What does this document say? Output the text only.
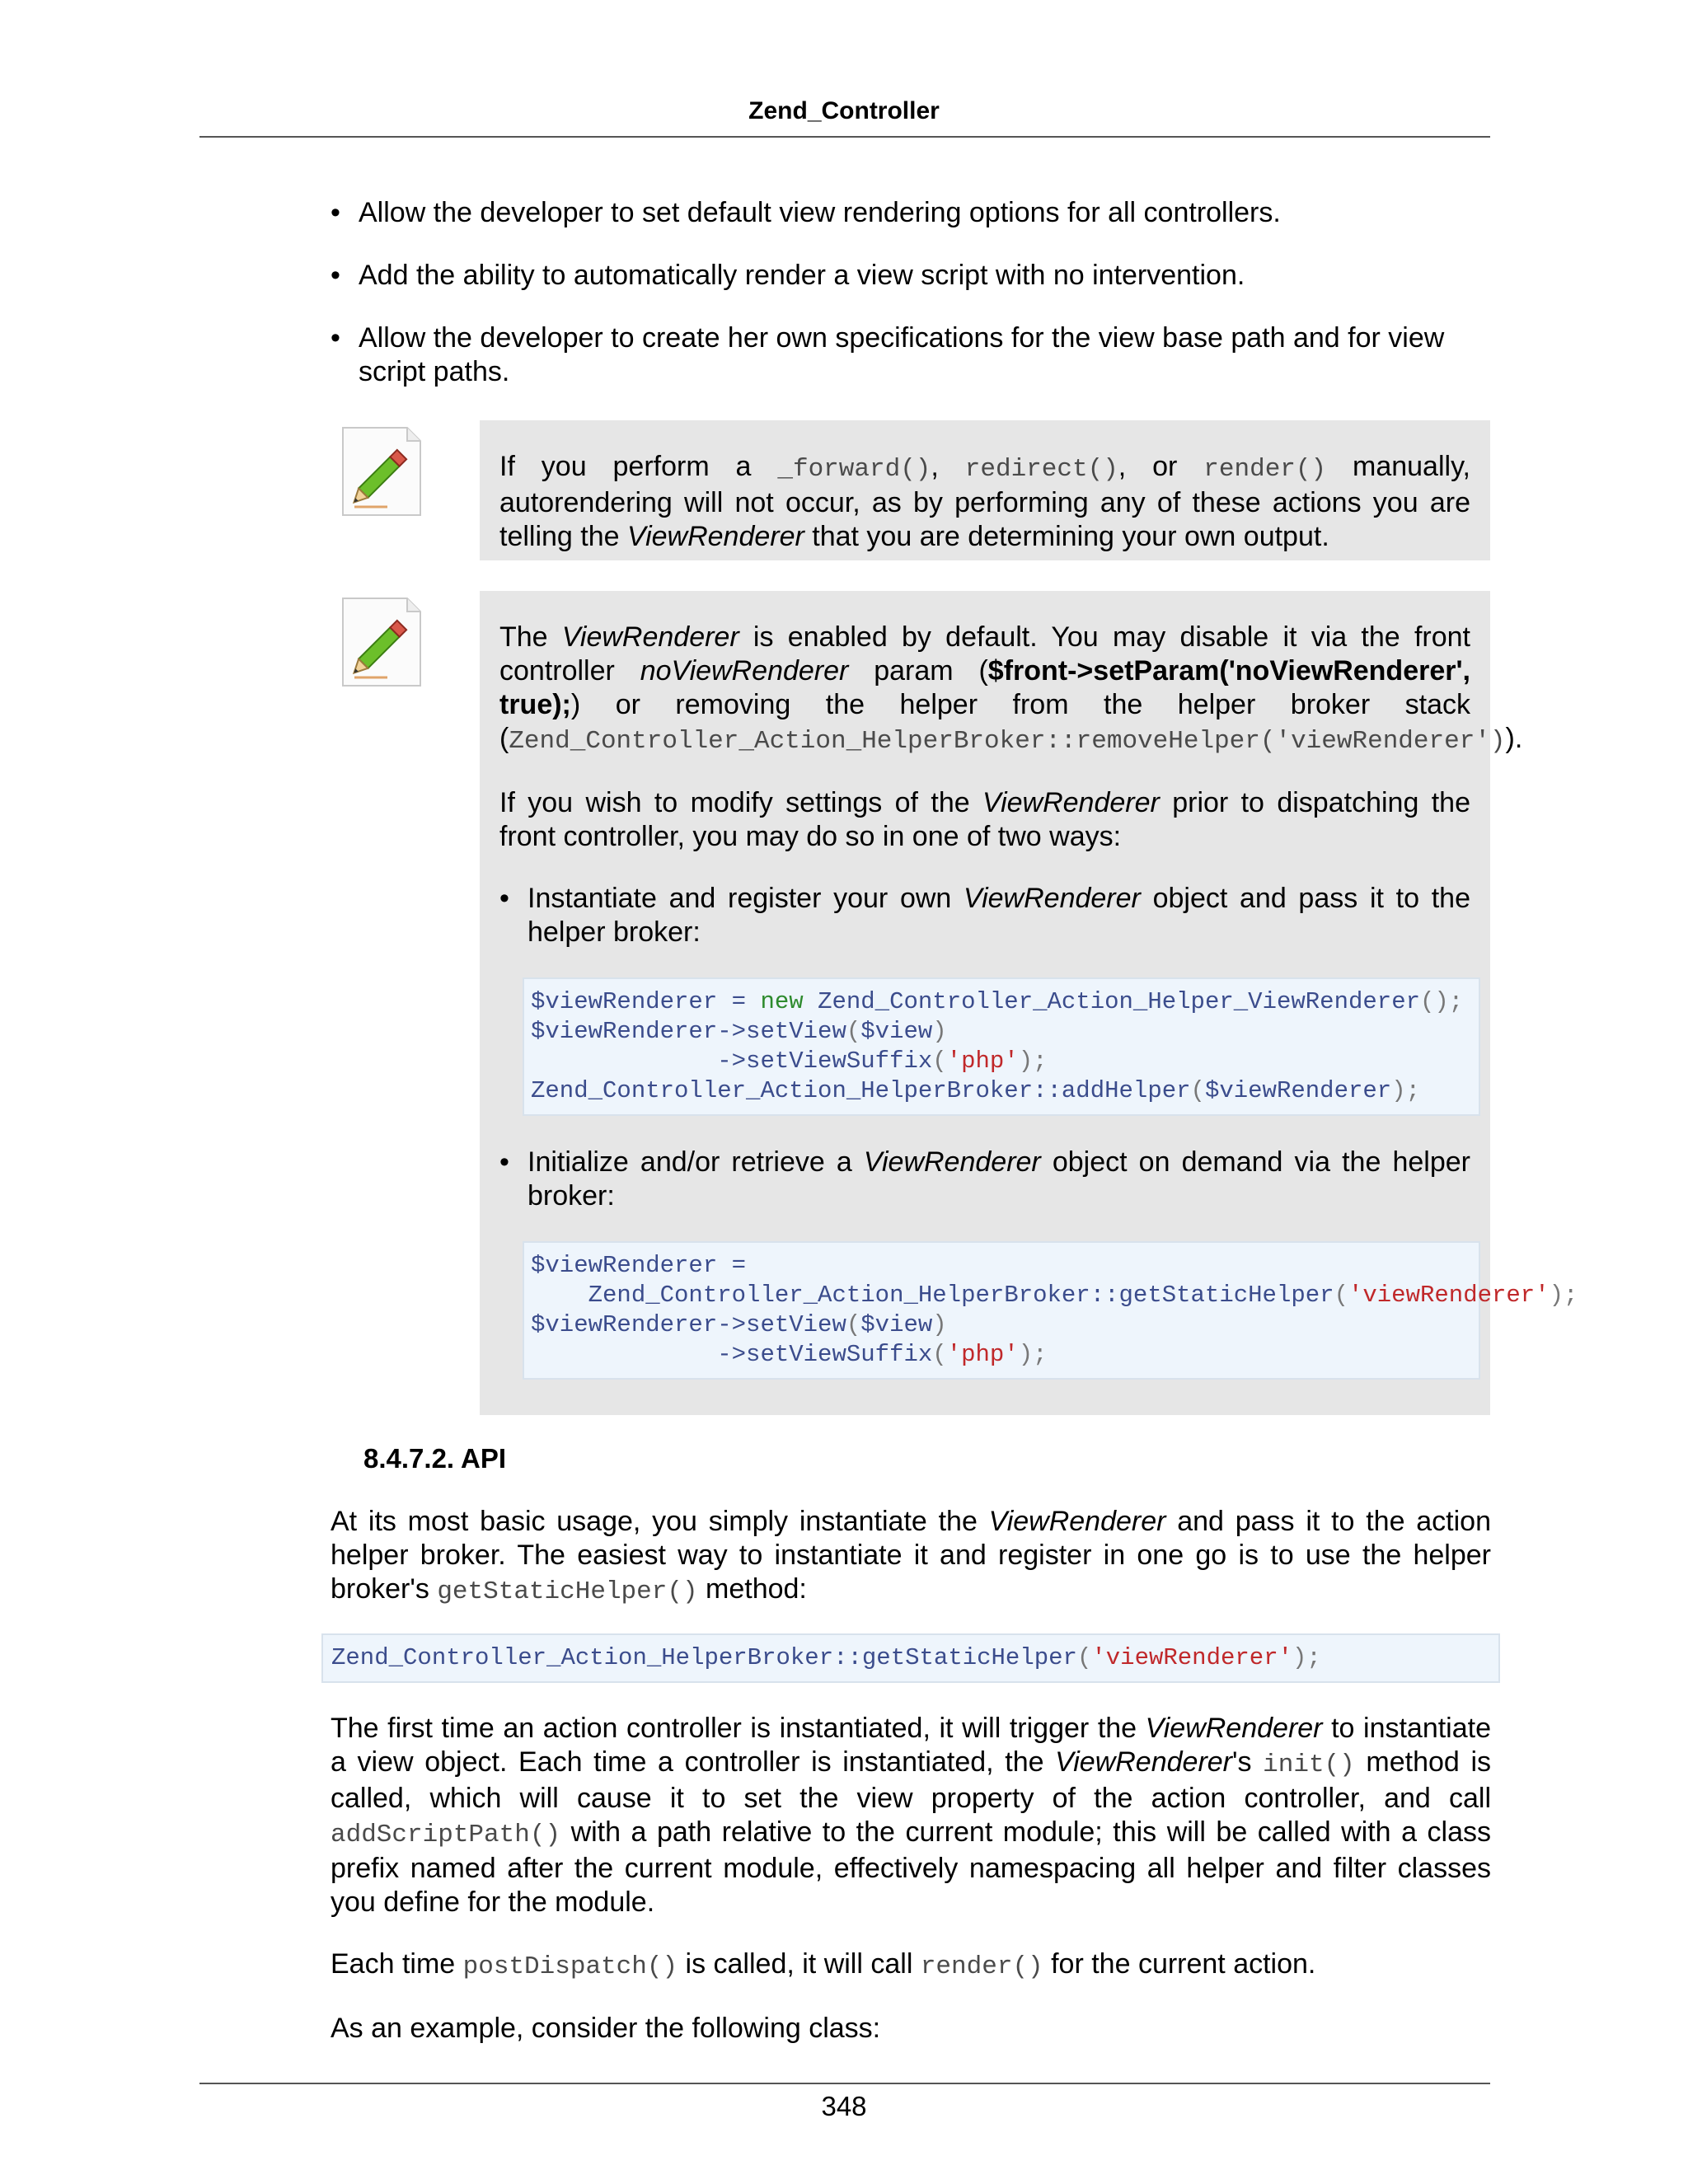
Zend_Controller
• Allow the developer to set default view rendering options for all controllers.
• Add the ability to automatically render a view script with no intervention.
• Allow the developer to create her own specifications for the view base path and for view script paths.

If you perform a _forward(), redirect(), or render() manually, autorendering will not occur, as by performing any of these actions you are telling the ViewRenderer that you are determining your own output.

The ViewRenderer is enabled by default. You may disable it via the front controller noViewRenderer param ($front->setParam('noViewRenderer', true);) or removing the helper from the helper broker stack (Zend_Controller_Action_HelperBroker::removeHelper('viewRenderer')).

If you wish to modify settings of the ViewRenderer prior to dispatching the front controller, you may do so in one of two ways:

• Instantiate and register your own ViewRenderer object and pass it to the helper broker:
$viewRenderer = new Zend_Controller_Action_Helper_ViewRenderer();
$viewRenderer->setView($view)
->setViewSuffix('php');
Zend_Controller_Action_HelperBroker::addHelper($viewRenderer);
• Initialize and/or retrieve a ViewRenderer object on demand via the helper broker:
$viewRenderer =
Zend_Controller_Action_HelperBroker::getStaticHelper('viewRenderer');
$viewRenderer->setView($view)
->setViewSuffix('php');
8.4.7.2. API

At its most basic usage, you simply instantiate the ViewRenderer and pass it to the action helper broker. The easiest way to instantiate it and register in one go is to use the helper broker's getStaticHelper() method:

Zend_Controller_Action_HelperBroker::getStaticHelper('viewRenderer');

The first time an action controller is instantiated, it will trigger the ViewRenderer to instantiate a view object. Each time a controller is instantiated, the ViewRenderer's init() method is called, which will cause it to set the view property of the action controller, and call addScriptPath() with a path relative to the current module; this will be called with a class prefix named after the current module, effectively namespacing all helper and filter classes you define for the module.

Each time postDispatch() is called, it will call render() for the current action.

As an example, consider the following class:

348
